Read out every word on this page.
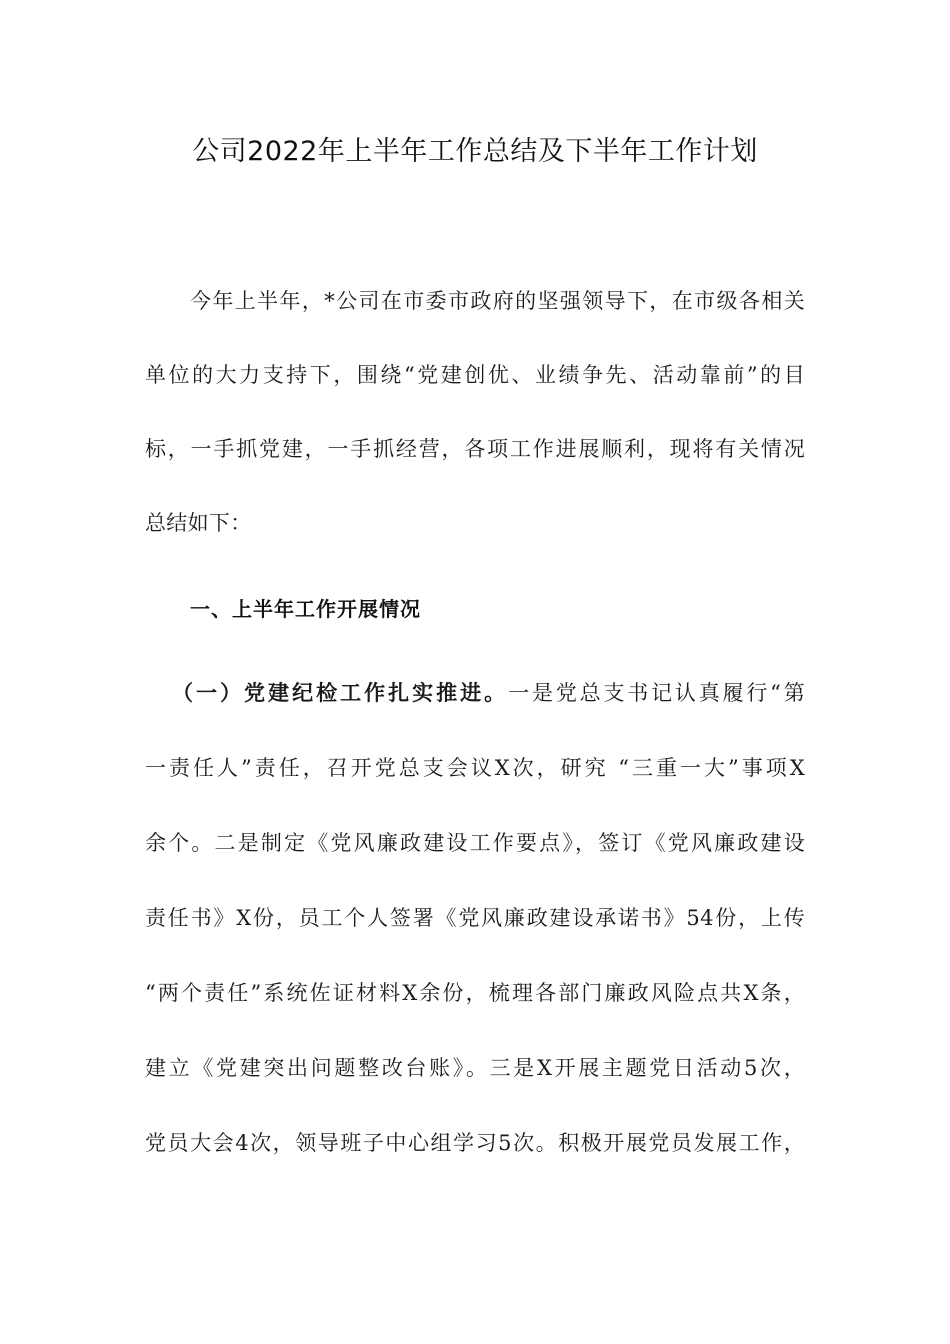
公司2022年上半年工作总结及下半年工作计划
今年上半年，*公司在市委市政府的坚强领导下，在市级各相关
单位的大力支持下，围绕“党建创优、业绩争先、活动靠前”的目
标，一手抓党建，一手抓经营，各项工作进展顺利，现将有关情况
总结如下：
一、上半年工作开展情况
（一）党建纪检工作扎实推进。一是党总支书记认真履行“第
一责任人”责任，召开党总支会议X次，研究 “三重一大”事项X
余个。二是制定《党风廉政建设工作要点》，签订《党风廉政建设
责任书》X份，员工个人签署《党风廉政建设承诺书》54份，上传
“两个责任”系统佐证材料X余份，梳理各部门廉政风险点共X条，
建立《党建突出问题整改台账》。三是X开展主题党日活动5次，
党员大会4次，领导班子中心组学习5次。积极开展党员发展工作，
